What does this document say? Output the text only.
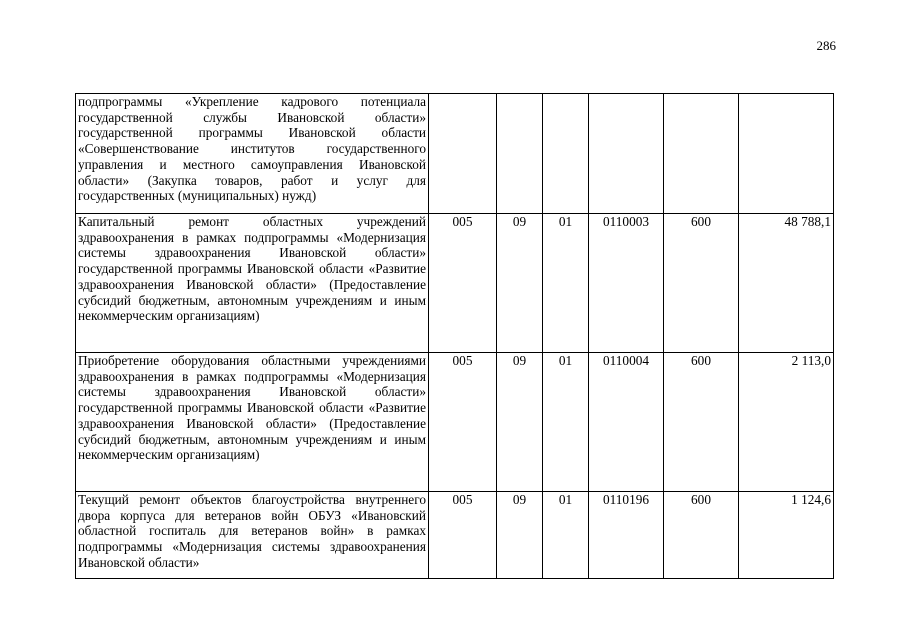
286
подпрограммы «Укрепление кадрового потенциала государственной службы Ивановской области» государственной программы Ивановской области «Совершенствование институтов государственного управления и местного самоуправления Ивановской области» (Закупка товаров, работ и услуг для государственных (муниципальных) нужд)						
Капитальный ремонт областных учреждений здравоохранения в рамках подпрограммы «Модернизация системы здравоохранения Ивановской области» государственной программы Ивановской области «Развитие здравоохранения Ивановской области» (Предоставление субсидий бюджетным, автономным учреждениям и иным некоммерческим организациям)	005	09	01	0110003	600	48 788,1
Приобретение оборудования областными учреждениями здравоохранения в рамках подпрограммы «Модернизация системы здравоохранения Ивановской области» государственной программы Ивановской области «Развитие здравоохранения Ивановской области» (Предоставление субсидий бюджетным, автономным учреждениям и иным некоммерческим организациям)	005	09	01	0110004	600	2 113,0
Текущий ремонт объектов благоустройства внутреннего двора корпуса для ветеранов войн ОБУЗ «Ивановский областной госпиталь для ветеранов войн» в рамках подпрограммы «Модернизация системы здравоохранения Ивановской области»	005	09	01	0110196	600	1 124,6
